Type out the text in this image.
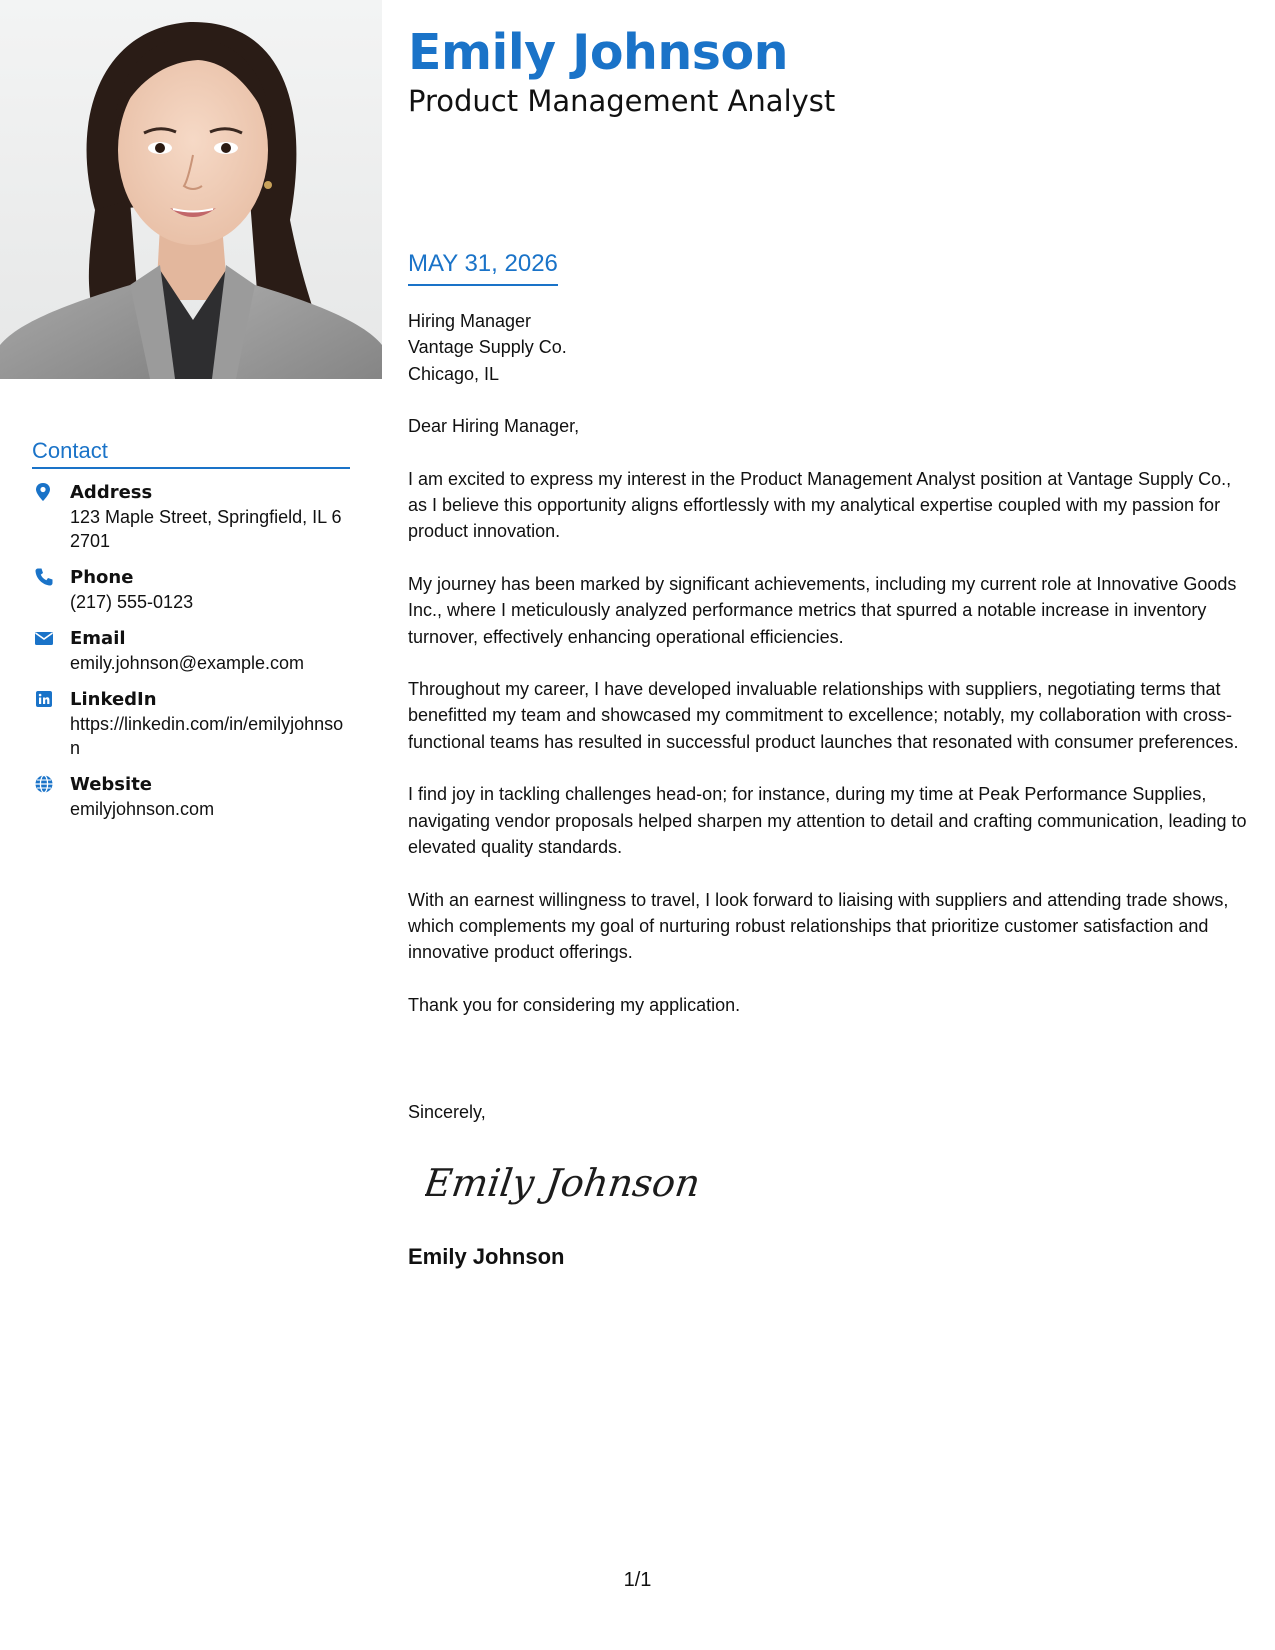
Contact
Address
123 Maple Street, Springfield, IL 62701
Phone
(217) 555-0123
Email
emily.johnson@example.com
LinkedIn
https://linkedin.com/in/emilyjohnson
Website
emilyjohnson.com
Emily Johnson
Product Management Analyst
MAY 31, 2026

Hiring Manager
Vantage Supply Co.
Chicago, IL

Dear Hiring Manager,

I am excited to express my interest in the Product Management Analyst position at Vantage Supply Co., as I believe this opportunity aligns effortlessly with my analytical expertise coupled with my passion for product innovation.

My journey has been marked by significant achievements, including my current role at Innovative Goods Inc., where I meticulously analyzed performance metrics that spurred a notable increase in inventory turnover, effectively enhancing operational efficiencies.

Throughout my career, I have developed invaluable relationships with suppliers, negotiating terms that benefitted my team and showcased my commitment to excellence; notably, my collaboration with cross-functional teams has resulted in successful product launches that resonated with consumer preferences.

I find joy in tackling challenges head-on; for instance, during my time at Peak Performance Supplies, navigating vendor proposals helped sharpen my attention to detail and crafting communication, leading to elevated quality standards.

With an earnest willingness to travel, I look forward to liaising with suppliers and attending trade shows, which complements my goal of nurturing robust relationships that prioritize customer satisfaction and innovative product offerings.

Thank you for considering my application.

Sincerely,
Emily Johnson
Emily Johnson
1/1
